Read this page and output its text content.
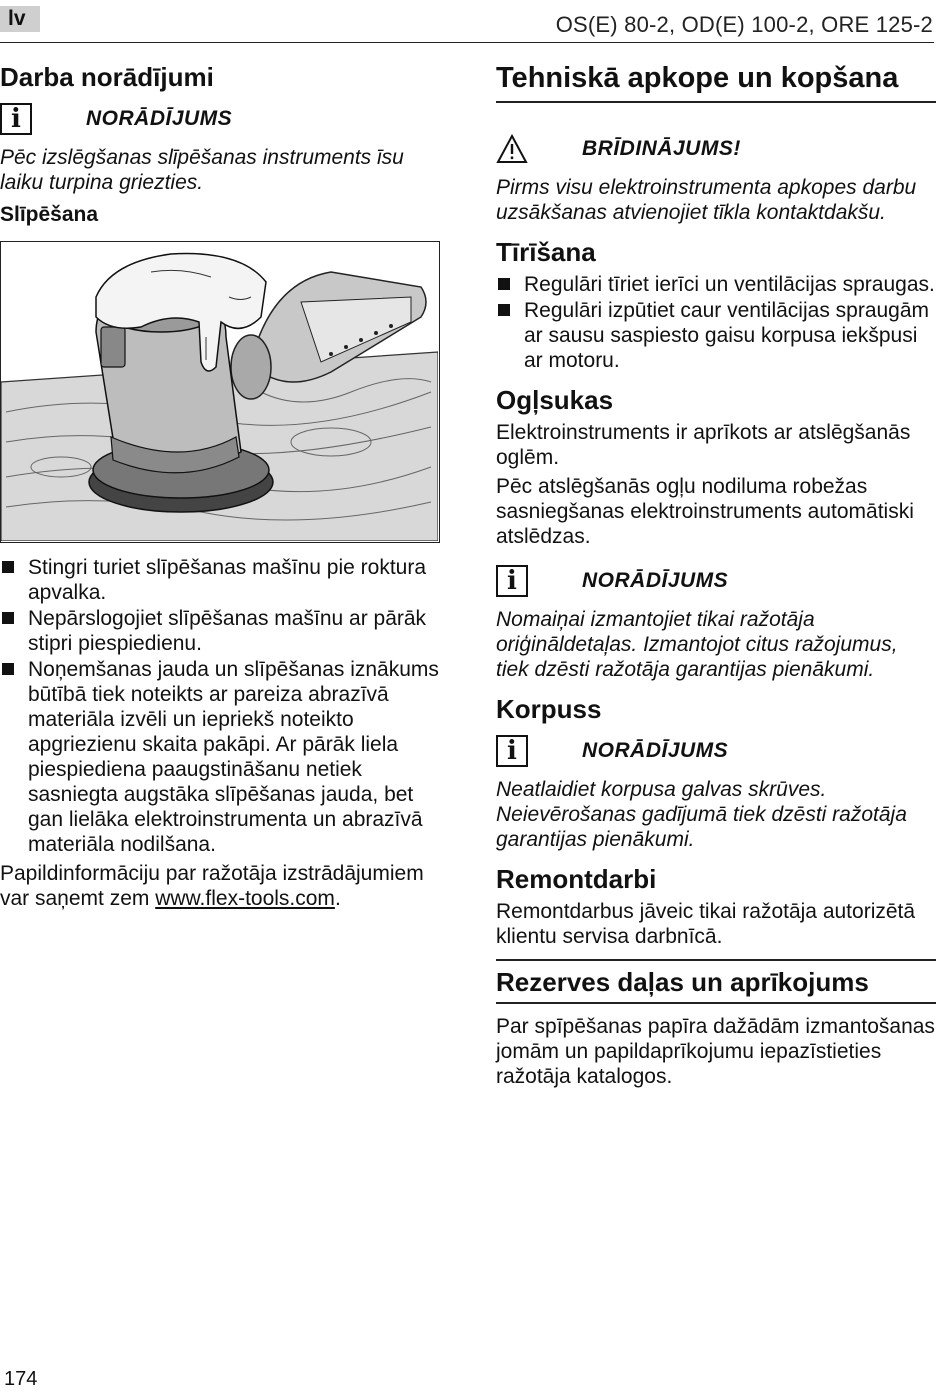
lv	OS(E) 80-2, OD(E) 100-2, ORE 125-2
Darba norādījumi
i	NORĀDĪJUMS
Pēc izslēgšanas slīpēšanas instruments īsu laiku turpina griezties.
Slīpēšana
Stingri turiet slīpēšanas mašīnu pie roktura apvalka.
Nepārslogojiet slīpēšanas mašīnu ar pārāk stipri piespiedienu.
Noņemšanas jauda un slīpēšanas iznākums būtībā tiek noteikts ar pareiza abrazīvā materiāla izvēli un iepriekš noteikto apgriezienu skaita pakāpi. Ar pārāk liela piespiediena paaugstināšanu netiek sasniegta augstāka slīpēšanas jauda, bet gan lielāka elektroinstrumenta un abrazīvā materiāla nodilšana.
Papildinformāciju par ražotāja izstrādājumiem var saņemt zem www.flex-tools.com.
Tehniskā apkope un kopšana
BRĪDINĀJUMS!
Pirms visu elektroinstrumenta apkopes darbu uzsākšanas atvienojiet tīkla kontaktdakšu.
Tīrīšana
Regulāri tīriet ierīci un ventilācijas spraugas.
Regulāri izpūtiet caur ventilācijas spraugām ar sausu saspiesto gaisu korpusa iekšpusi ar motoru.
Ogļsukas
Elektroinstruments ir aprīkots ar atslēgšanās oglēm.
Pēc atslēgšanās ogļu nodiluma robežas sasniegšanas elektroinstruments automātiski atslēdzas.
i	NORĀDĪJUMS
Nomaiņai izmantojiet tikai ražotāja oriģināldetaļas. Izmantojot citus ražojumus, tiek dzēsti ražotāja garantijas pienākumi.
Korpuss
i	NORĀDĪJUMS
Neatlaidiet korpusa galvas skrūves. Neievērošanas gadījumā tiek dzēsti ražotāja garantijas pienākumi.
Remontdarbi
Remontdarbus jāveic tikai ražotāja autorizētā klientu servisa darbnīcā.
Rezerves daļas un aprīkojums
Par spīpēšanas papīra dažādām izmantošanas jomām un papildaprīkojumu iepazīstieties ražotāja katalogos.
174
